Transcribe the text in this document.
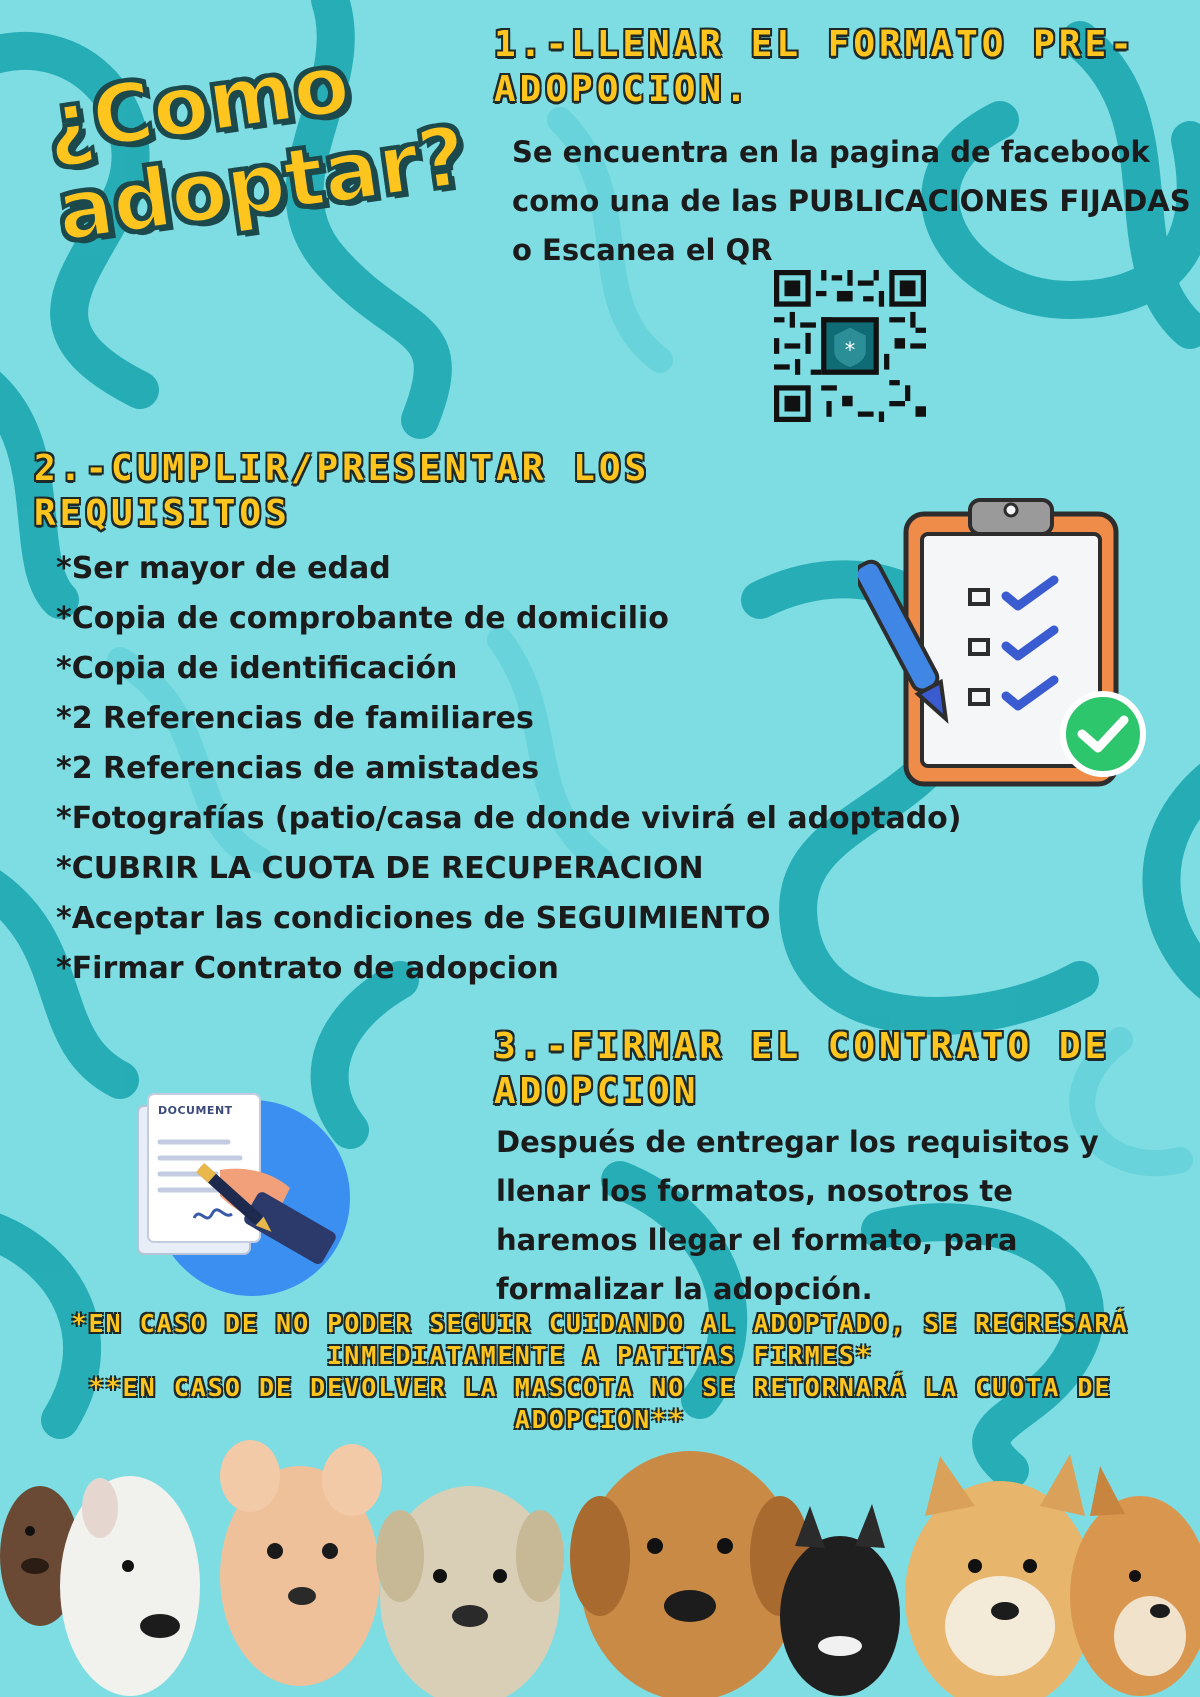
¿Como
adoptar?
1.-LLENAR EL FORMATO PRE-ADOPOCION.
Se encuentra en la pagina de facebook como una de las PUBLICACIONES FIJADAS o Escanea el QR
*
2.-CUMPLIR/PRESENTAR LOS REQUISITOS
*Ser mayor de edad
*Copia de comprobante de domicilio
*Copia de identificación
*2 Referencias de familiares
*2 Referencias de amistades
*Fotografías (patio/casa de donde vivirá el adoptado)
*CUBRIR LA CUOTA DE RECUPERACION
*Aceptar las condiciones de SEGUIMIENTO
*Firmar Contrato de adopcion
3.-FIRMAR EL CONTRATO DE ADOPCION
Después de entregar los requisitos y llenar los formatos, nosotros te haremos llegar el formato, para formalizar la adopción.
DOCUMENT
*EN CASO DE NO PODER SEGUIR CUIDANDO AL ADOPTADO, SE REGRESARÁ INMEDIATAMENTE A PATITAS FIRMES*
**EN CASO DE DEVOLVER LA MASCOTA NO SE RETORNARÁ LA CUOTA DE ADOPCION**
